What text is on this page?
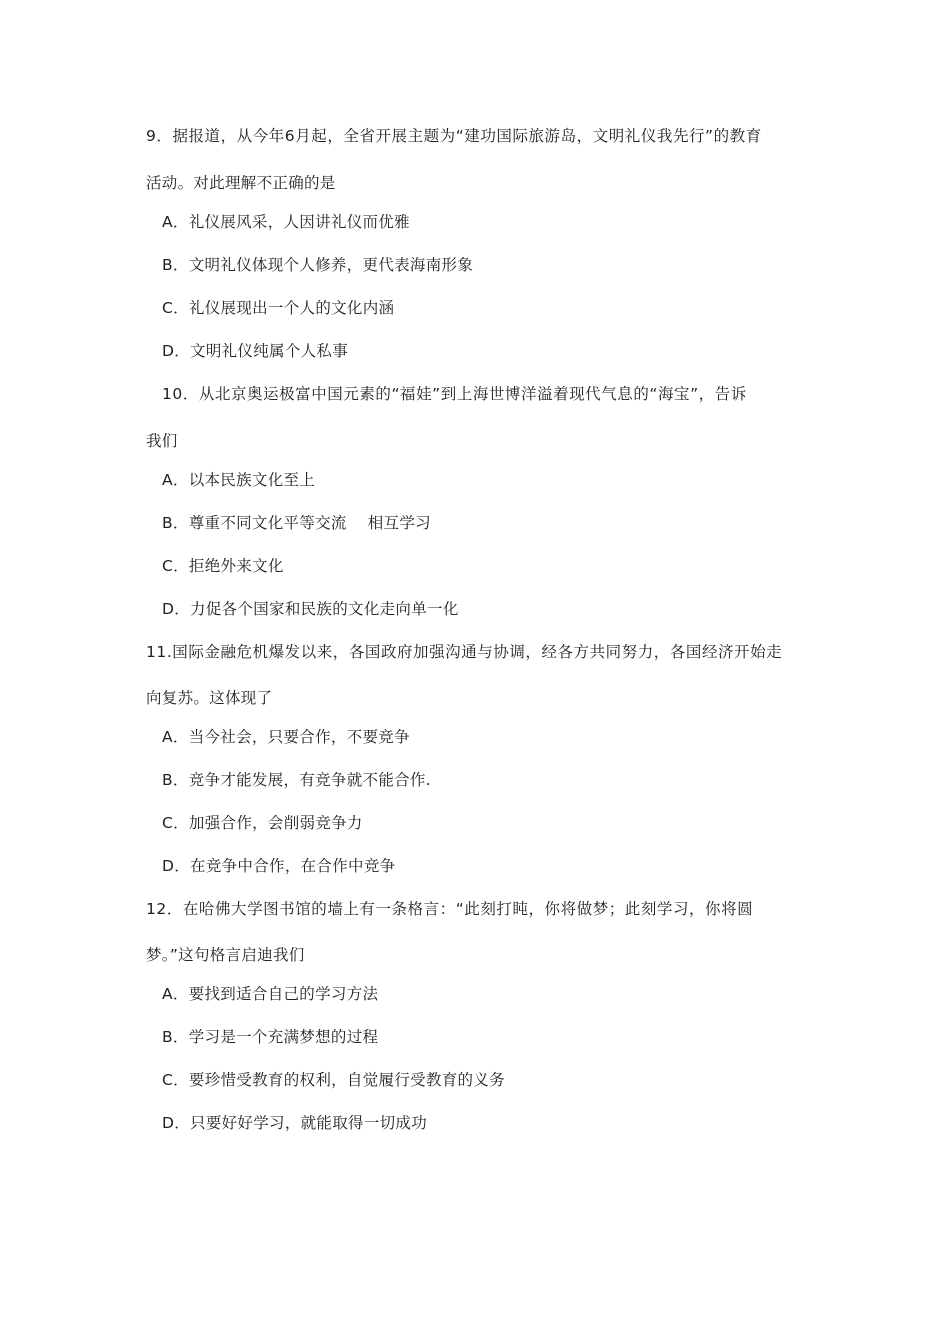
9．据报道，从今年6月起，全省开展主题为“建功国际旅游岛，文明礼仪我先行”的教育
活动。对此理解不正确的是
A．礼仪展风采，人因讲礼仪而优雅
B．文明礼仪体现个人修养，更代表海南形象
C．礼仪展现出一个人的文化内涵
D．文明礼仪纯属个人私事
10．从北京奥运极富中国元素的“福娃”到上海世博洋溢着现代气息的“海宝”，告诉
我们
A．以本民族文化至上
B．尊重不同文化平等交流　 相互学习
C．拒绝外来文化
D．力促各个国家和民族的文化走向单一化
11.国际金融危机爆发以来，各国政府加强沟通与协调，经各方共同努力，各国经济开始走
向复苏。这体现了
A．当今社会，只要合作，不要竞争
B．竞争才能发展，有竞争就不能合作.
C．加强合作，会削弱竞争力
D．在竞争中合作，在合作中竞争
12．在哈佛大学图书馆的墙上有一条格言：“此刻打盹，你将做梦；此刻学习，你将圆
梦。”这句格言启迪我们
A．要找到适合自己的学习方法
B．学习是一个充满梦想的过程
C．要珍惜受教育的权利，自觉履行受教育的义务
D．只要好好学习，就能取得一切成功
